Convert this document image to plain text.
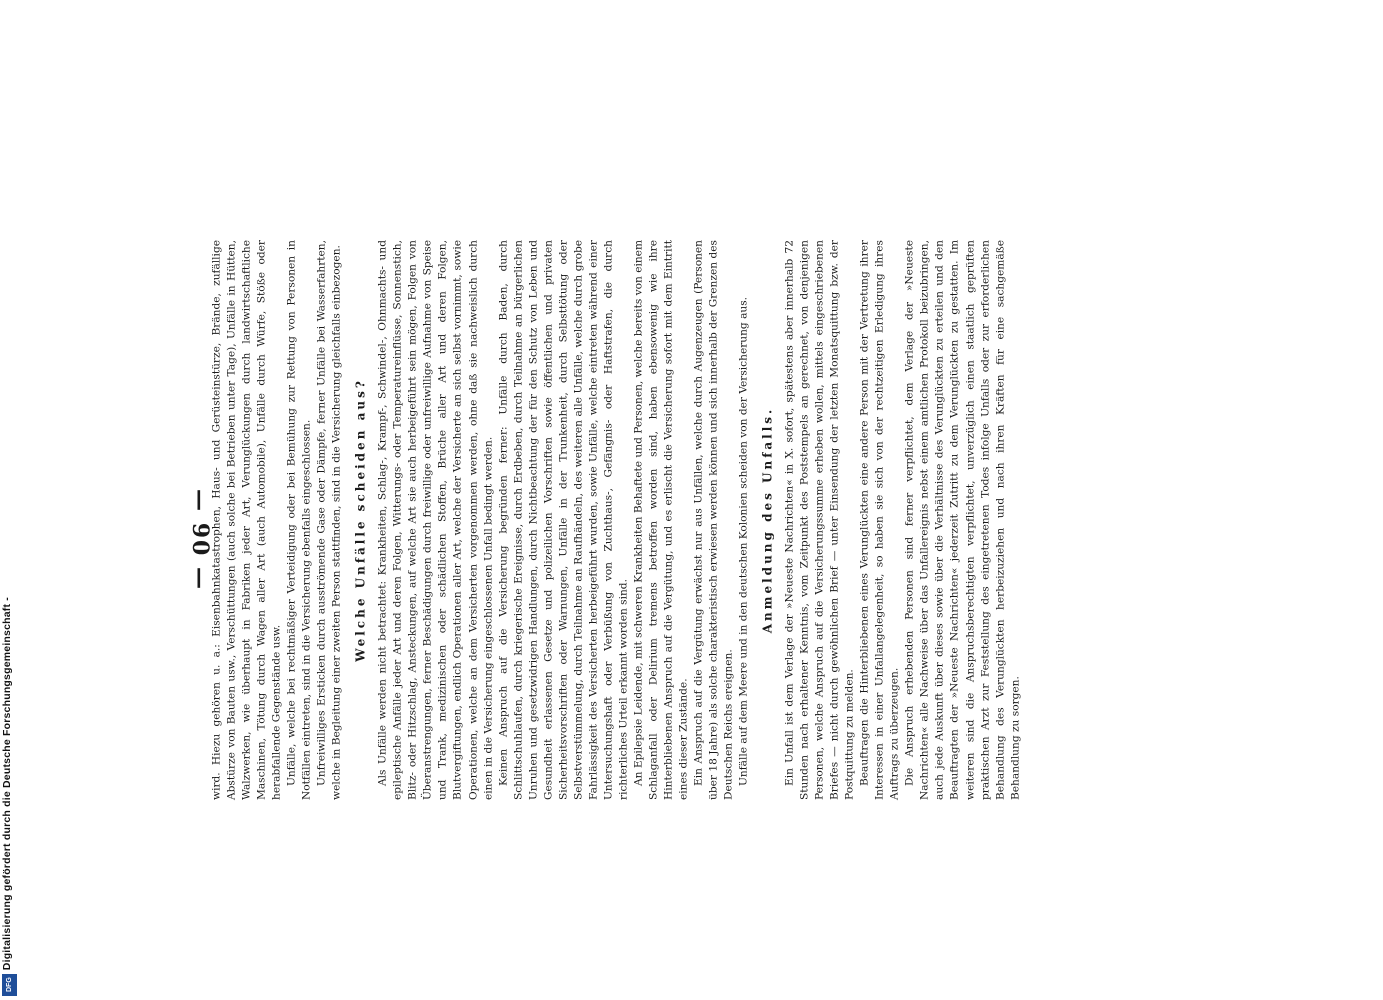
— 90 —

wird. Hiezu gehören u. a.: Eisenbahnkatastrophen, Haus- und Gerüsteinstürze, Brände, zufällige Abstürze von Bauten usw., Verschüttungen (auch solche bei Betrieben unter Tage), Unfälle in Hütten, Walzwerken, wie überhaupt in Fabriken jeder Art, Verunglückungen durch landwirtschaftliche Maschinen, Tötung durch Wagen aller Art (auch Automobile), Unfälle durch Würfe, Stöße oder herabfallende Gegenstände usw. Unfälle, welche bei rechtmäßiger Verteidigung oder bei Bemühung zur Rettung von Personen in Notfällen eintreten, sind in die Versicherung ebenfalls eingeschlossen. Unfreiwilliges Ersticken durch ausströmende Gase oder Dämpfe, ferner Unfälle bei Wasserfahrten, welche in Begleitung einer zweiten Person stattfinden, sind in die Versicherung gleichfalls einbezogen. Welche Unfälle scheiden aus? Als Unfälle werden nicht betrachtet: Krankheiten, Schlag-, Krampf-, Schwindel-, Ohnmachts- und epileptische Anfälle jeder Art und deren Folgen, Witterungs- oder Temperatureinflüsse, Sonnenstich, Blitz- oder Hitzschlag, Ansteckungen, auf welche Art sie auch herbeigeführt sein mögen, Folgen von Überanstrengungen, ferner Beschädigungen durch freiwillige oder unfreiwillige Aufnahme von Speise und Trank, medizinischen oder schädlichen Stoffen, Brüche aller Art und deren Folgen, Blutvergiftungen, endlich Operationen aller Art, welche der Versicherte an sich selbst vornimmt, sowie Operationen, welche an dem Versicherten vorgenommen werden, ohne daß sie nachweislich durch einen in die Versicherung eingeschlossenen Unfall bedingt werden. Keinen Anspruch auf die Versicherung begründen ferner: Unfälle durch Baden, durch Schlittschuhlaufen, durch kriegerische Ereignisse, durch Erdbeben, durch Teilnahme an bürgerlichen Unruhen und gesetzwidrigen Handlungen, durch Nichtbeachtung der für den Schutz von Leben und Gesundheit erlassenen Gesetze und polizeilichen Vorschriften sowie öffentlichen und privaten Sicherheitsvorschriften oder Warnungen, Unfälle in der Trunkenheit, durch Selbsttötung oder Selbstverstümmelung, durch Teilnahme an Raufhändeln, des weiteren alle Unfälle, welche durch grobe Fahrlässigkeit des Versicherten herbeigeführt wurden, sowie Unfälle, welche eintreten während einer Untersuchungshaft oder Verbüßung von Zuchthaus-, Gefängnis- oder Haftstrafen, die durch richterliches Urteil erkannt worden sind. An Epilepsie Leidende, mit schweren Krankheiten Behaftete und Personen, welche bereits von einem Schlaganfall oder Delirium tremens betroffen worden sind, haben ebensowenig wie ihre Hinterbliebenen Anspruch auf die Vergütung, und es erlischt die Versicherung sofort mit dem Eintritt eines dieser Zustände. Ein Anspruch auf die Vergütung erwächst nur aus Unfällen, welche durch Augenzeugen (Personen über 18 Jahre) als solche charakteristisch erwiesen werden können und sich innerhalb der Grenzen des Deutschen Reichs ereignen. Unfälle auf dem Meere und in den deutschen Kolonien scheiden von der Versicherung aus. Anmeldung des Unfalls. Ein Unfall ist dem Verlage der »Neueste Nachrichten« in X. sofort, spätestens aber innerhalb 72 Stunden nach erhaltener Kenntnis, vom Zeitpunkt des Poststempels an gerechnet, von denjenigen Personen, welche Anspruch auf die Versicherungssumme erheben wollen, mittels eingeschriebenen Briefes — nicht durch gewöhnlichen Brief — unter Einsendung der letzten Monatsquittung bzw. der Postquittung zu melden. Beauftragen die Hinterbliebenen eines Verunglückten eine andere Person mit der Vertretung ihrer Interessen in einer Unfallangelegenheit, so haben sie sich von der rechtzeitigen Erledigung ihres Auftrags zu überzeugen. Die Anspruch erhebenden Personen sind ferner verpflichtet, dem Verlage der »Neueste Nachrichten« alle Nachweise über das Unfallereignis nebst einem amtlichen Protokoll beizubringen, auch jede Auskunft über dieses sowie über die Verhältnisse des Verunglückten zu erteilen und den Beauftragten der »Neueste Nachrichten« jederzeit Zutritt zu dem Verunglückten zu gestatten. Im weiteren sind die Anspruchsberechtigten verpflichtet, unverzüglich einen staatlich geprüften praktischen Arzt zur Feststellung des eingetretenen Todes infolge Unfalls oder zur erforderlichen Behandlung des Verunglückten herbeizuziehen und nach ihren Kräften für eine sachgemäße Behandlung zu sorgen.

Digitalisierung gefördert durch die Deutsche Forschungsgemeinschaft -
DFG
